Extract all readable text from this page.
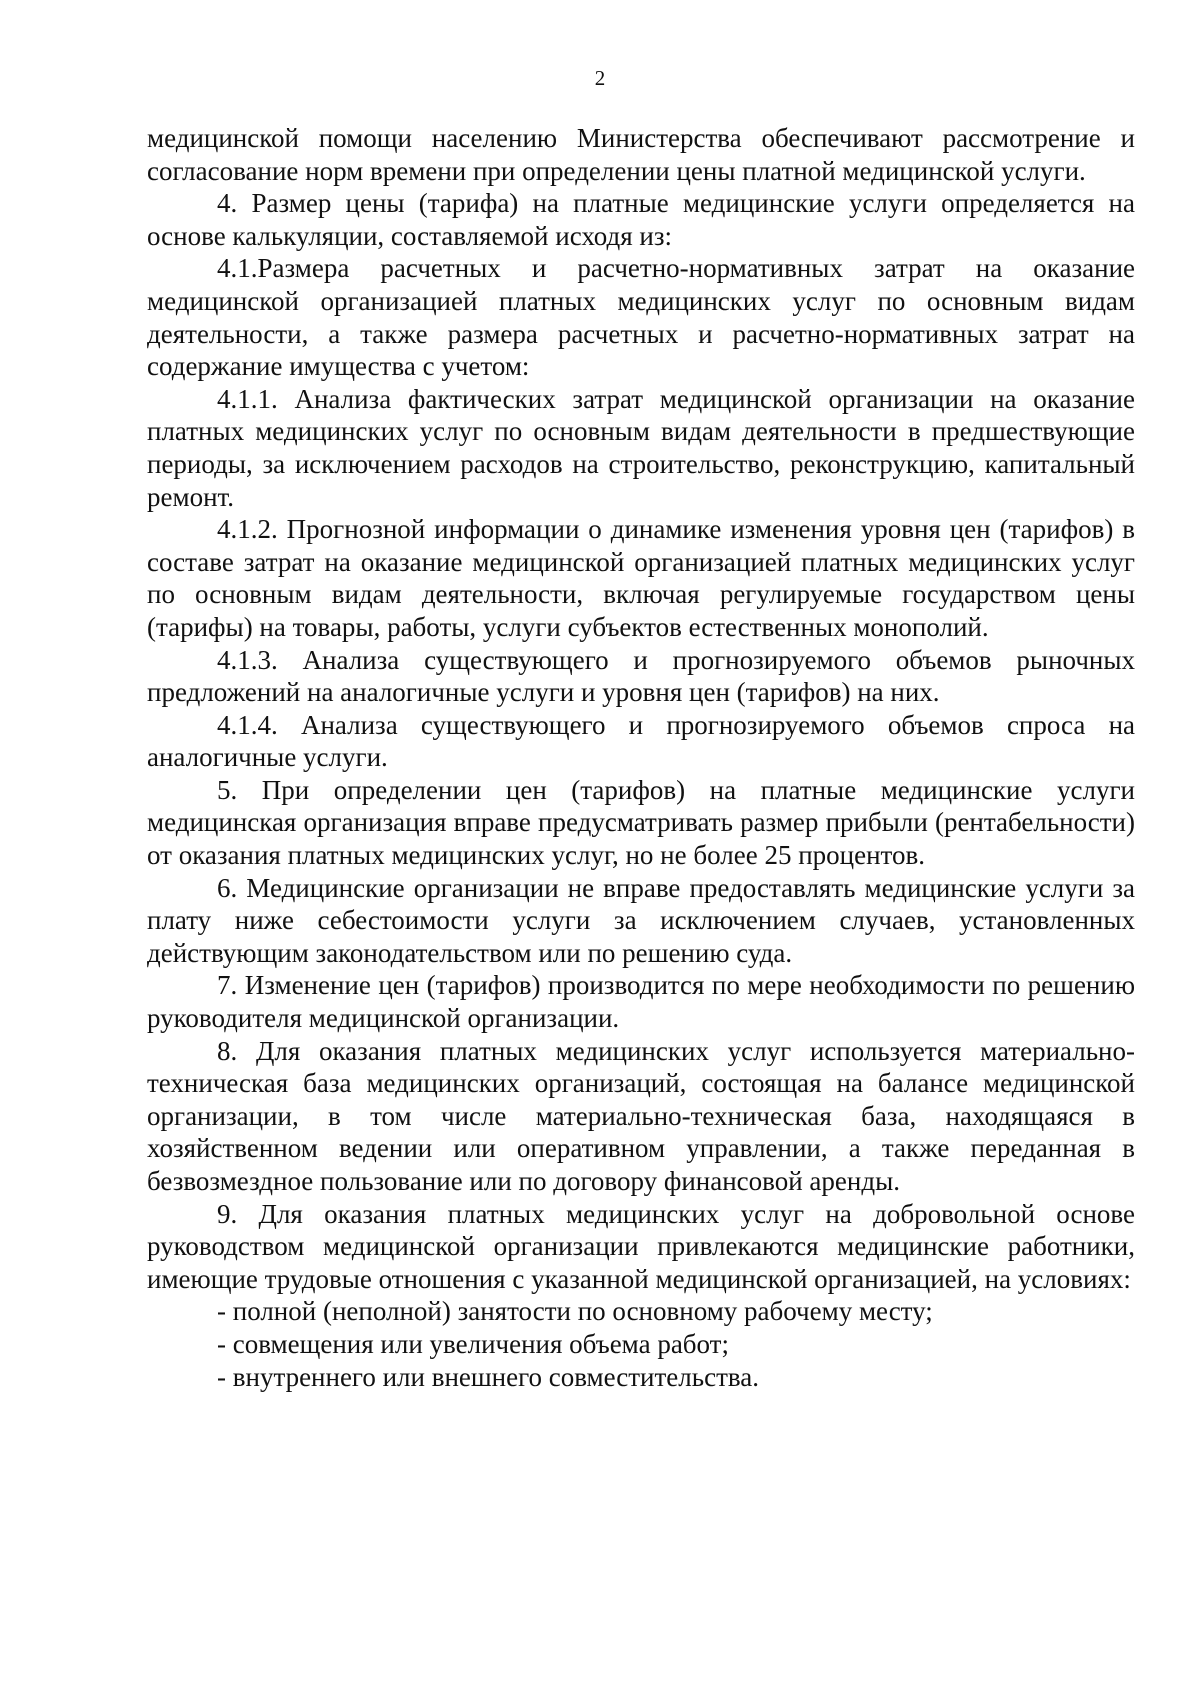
2

медицинской помощи населению Министерства обеспечивают рассмотрение и согласование норм времени при определении цены платной медицинской услуги.

4. Размер цены (тарифа) на платные медицинские услуги определяется на основе калькуляции, составляемой исходя из:

4.1.Размера расчетных и расчетно-нормативных затрат на оказание медицинской организацией платных медицинских услуг по основным видам деятельности, а также размера расчетных и расчетно-нормативных затрат на содержание имущества с учетом:

4.1.1. Анализа фактических затрат медицинской организации на оказание платных медицинских услуг по основным видам деятельности в предшествующие периоды, за исключением расходов на строительство, реконструкцию, капитальный ремонт.

4.1.2. Прогнозной информации о динамике изменения уровня цен (тарифов) в составе затрат на оказание медицинской организацией платных медицинских услуг по основным видам деятельности, включая регулируемые государством цены (тарифы) на товары, работы, услуги субъектов естественных монополий.

4.1.3. Анализа существующего и прогнозируемого объемов рыночных предложений на аналогичные услуги и уровня цен (тарифов) на них.

4.1.4. Анализа существующего и прогнозируемого объемов спроса на аналогичные услуги.

5. При определении цен (тарифов) на платные медицинские услуги медицинская организация вправе предусматривать размер прибыли (рентабельности) от оказания платных медицинских услуг, но не более 25 процентов.

6. Медицинские организации не вправе предоставлять медицинские услуги за плату ниже себестоимости услуги за исключением случаев, установленных действующим законодательством или по решению суда.

7. Изменение цен (тарифов) производится по мере необходимости по решению руководителя медицинской организации.

8. Для оказания платных медицинских услуг используется материально-техническая база медицинских организаций, состоящая на балансе медицинской организации, в том числе материально-техническая база, находящаяся в хозяйственном ведении или оперативном управлении, а также переданная в безвозмездное пользование или по договору финансовой аренды.

9. Для оказания платных медицинских услуг на добровольной основе руководством медицинской организации привлекаются медицинские работники, имеющие трудовые отношения с указанной медицинской организацией, на условиях:

- полной (неполной) занятости по основному рабочему месту;

- совмещения или увеличения объема работ;

- внутреннего или внешнего совместительства.
